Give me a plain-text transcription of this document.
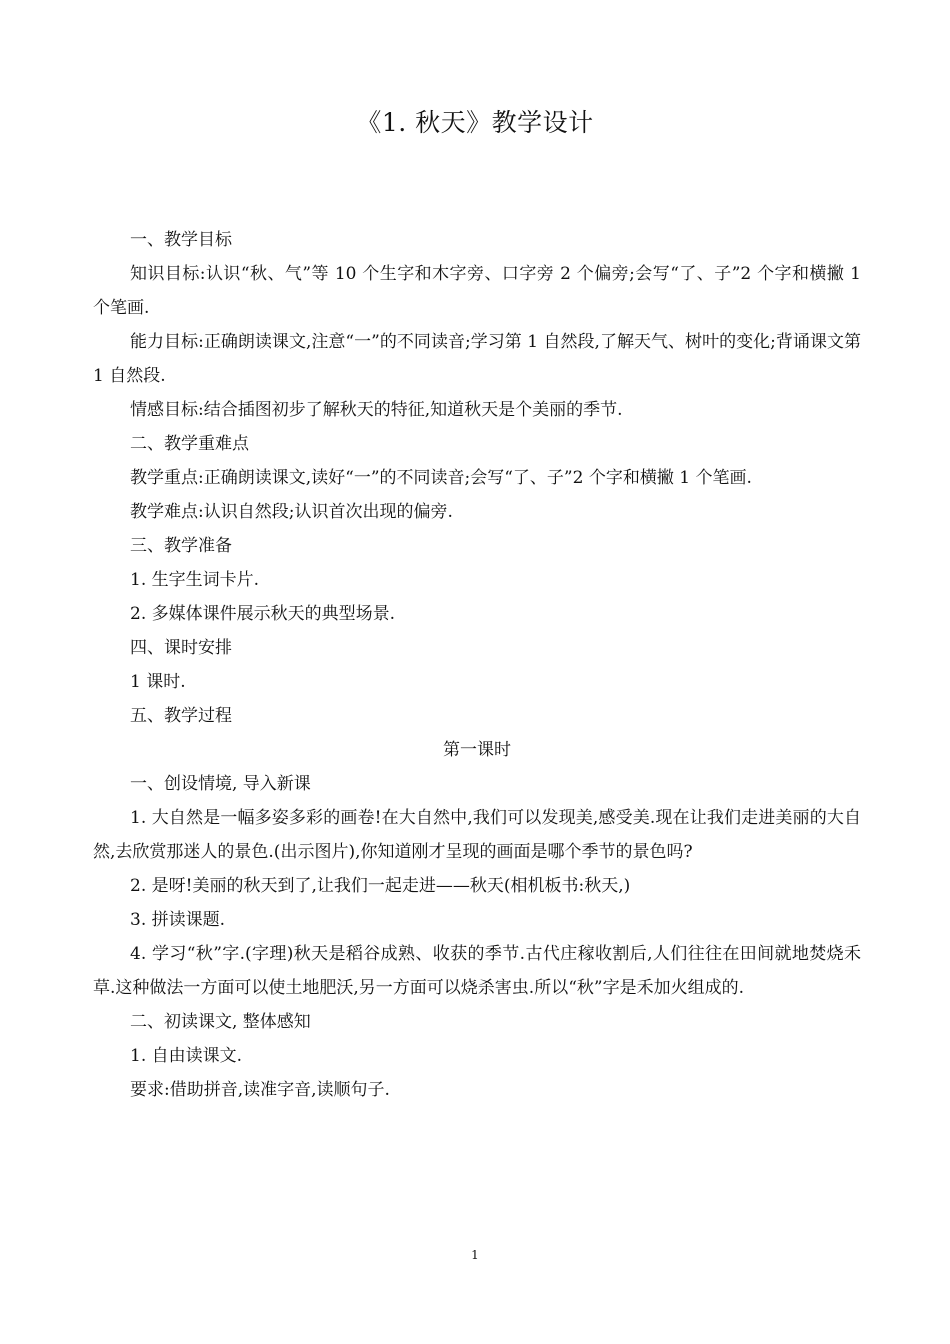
《1. 秋天》教学设计

一、教学目标

知识目标:认识“秋、气”等 10 个生字和木字旁、口字旁 2 个偏旁;会写“了、子”2 个字和横撇 1 个笔画.

能力目标:正确朗读课文,注意“一”的不同读音;学习第 1 自然段,了解天气、树叶的变化;背诵课文第 1 自然段.

情感目标:结合插图初步了解秋天的特征,知道秋天是个美丽的季节.

二、教学重难点

教学重点:正确朗读课文,读好“一”的不同读音;会写“了、子”2 个字和横撇 1 个笔画.

教学难点:认识自然段;认识首次出现的偏旁.

三、教学准备

1. 生字生词卡片.

2. 多媒体课件展示秋天的典型场景.

四、课时安排

1 课时.

五、教学过程

第一课时

一、创设情境, 导入新课

1. 大自然是一幅多姿多彩的画卷!在大自然中,我们可以发现美,感受美.现在让我们走进美丽的大自然,去欣赏那迷人的景色.(出示图片),你知道刚才呈现的画面是哪个季节的景色吗?

2. 是呀!美丽的秋天到了,让我们一起走进——秋天(相机板书:秋天,)

3. 拼读课题.

4. 学习“秋”字.(字理)秋天是稻谷成熟、收获的季节.古代庄稼收割后,人们往往在田间就地焚烧禾草.这种做法一方面可以使土地肥沃,另一方面可以烧杀害虫.所以“秋”字是禾加火组成的.

二、初读课文, 整体感知

1. 自由读课文.

要求:借助拼音,读准字音,读顺句子.

1
